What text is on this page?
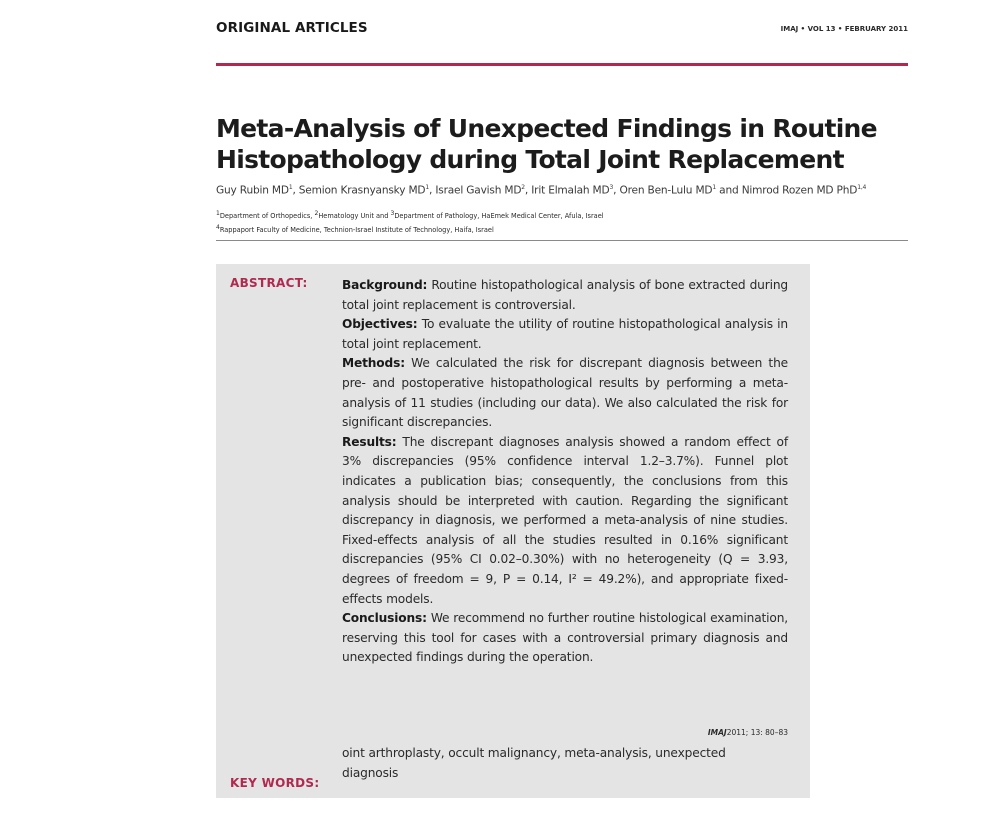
ORIGINAL ARTICLES	IMAJ • VOL 13 • FEBRUARY 2011
Meta-Analysis of Unexpected Findings in Routine Histopathology during Total Joint Replacement
Guy Rubin $MD^1$, Semion Krasnyansky $MD^1$, Israel Gavish $MD^2$, Irit Elmalah $MD^3$, Oren Ben-Lulu $MD^1$ and Nimrod Rozen MD PhD$^{1,4}$
$^1$Department of Orthopedics, $^2$Hematology Unit and $^3$Department of Pathology, HaEmek Medical Center, Afula, Israel
$^4$Rappaport Faculty of Medicine, Technion-Israel Institute of Technology, Haifa, Israel
ABSTRACT:	Background: Routine histopathological analysis of bone extracted during total joint replacement is controversial.

Objectives: To evaluate the utility of routine histopathological analysis in total joint replacement.

Methods: We calculated the risk for discrepant diagnosis between the pre- and postoperative histopathological results by performing a meta-analysis of 11 studies (including our data). We also calculated the risk for significant discrepancies.

Results: The discrepant diagnoses analysis showed a random effect of 3% discrepancies (95% confidence interval 1.2–3.7%). Funnel plot indicates a publication bias; consequently, the conclusions from this analysis should be interpreted with caution. Regarding the significant discrepancy in diagnosis, we performed a meta-analysis of nine studies. Fixed-effects analysis of all the studies resulted in 0.16% significant discrepancies (95% CI 0.02–0.30%) with no heterogeneity (Q = 3.93, degrees of freedom = 9, P = 0.14, I² = 49.2%), and appropriate fixed-effects models.

Conclusions: We recommend no further routine histological examination, reserving this tool for cases with a controversial primary diagnosis and unexpected findings during the operation.

IMAJ2011; 13: 80–83
oint arthroplasty, occult malignancy, meta-analysis, unexpected diagnosis
KEY WORDS:
